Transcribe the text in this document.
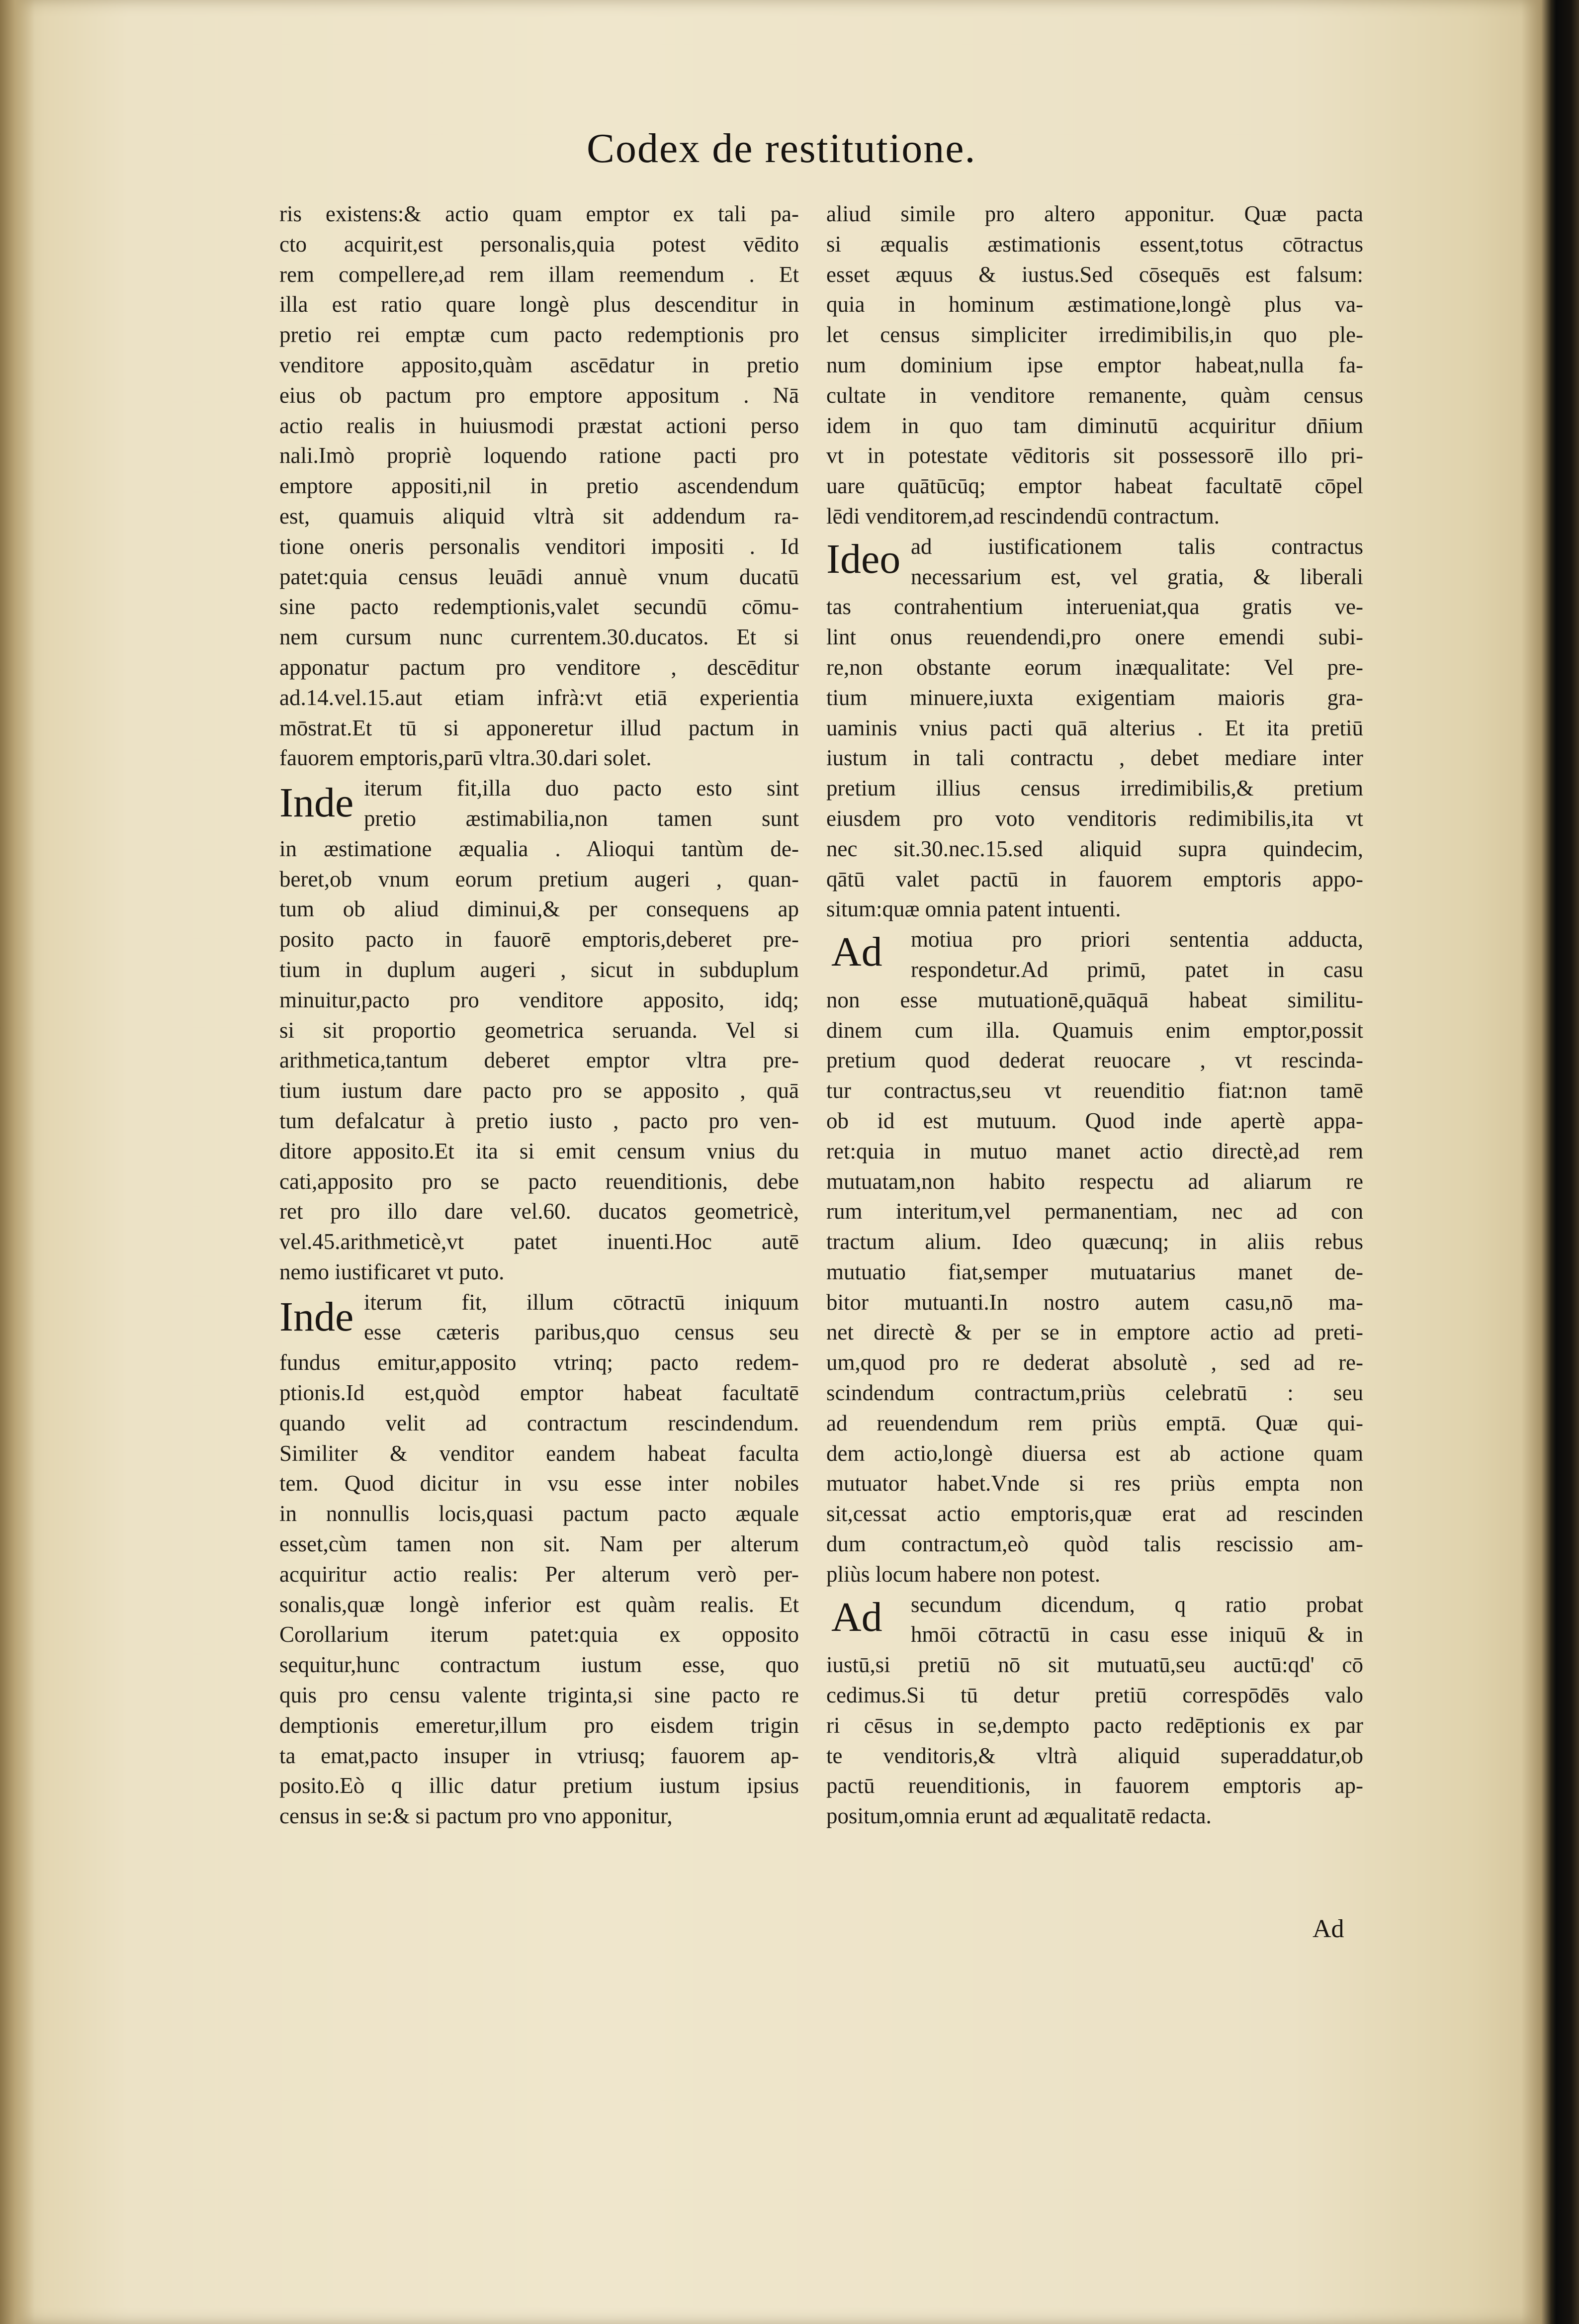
Codex de restitutione.
ris existens:& actio quam emptor ex tali pa-
cto acquirit,est personalis,quia potest vēdito
rem compellere,ad rem illam reemendum . Et
illa est ratio quare longè plus descenditur in
pretio rei emptæ cum pacto redemptionis pro
venditore apposito,quàm ascēdatur in pretio
eius ob pactum pro emptore appositum . Nā
actio realis in huiusmodi præstat actioni perso
nali.Imò propriè loquendo ratione pacti pro
emptore appositi,nil in pretio ascendendum
est, quamuis aliquid vltrà sit addendum ra-
tione oneris personalis venditori impositi . Id
patet:quia census leuādi annuè vnum ducatū
sine pacto redemptionis,valet secundū cōmu-
nem cursum nunc currentem.30.ducatos. Et si
apponatur pactum pro venditore , descēditur
ad.14.vel.15.aut etiam infrà:vt etiā experientia
mōstrat.Et tū si apponeretur illud pactum in
fauorem emptoris,parū vltra.30.dari solet.
Inde iterum fit,illa duo pacto esto sint
pretio æstimabilia,non tamen sunt
in æstimatione æqualia . Alioqui tantùm de-
beret,ob vnum eorum pretium augeri , quan-
tum ob aliud diminui,& per consequens ap
posito pacto in fauorē emptoris,deberet pre-
tium in duplum augeri , sicut in subduplum
minuitur,pacto pro venditore apposito, idq;
si sit proportio geometrica seruanda. Vel si
arithmetica,tantum deberet emptor vltra pre-
tium iustum dare pacto pro se apposito , quā
tum defalcatur à pretio iusto , pacto pro ven-
ditore apposito.Et ita si emit censum vnius du
cati,apposito pro se pacto reuenditionis, debe
ret pro illo dare vel.60. ducatos geometricè,
vel.45.arithmeticè,vt patet inuenti.Hoc autē
nemo iustificaret vt puto.
Inde iterum fit, illum cōtractū iniquum
esse cæteris paribus,quo census seu
fundus emitur,apposito vtrinq; pacto redem-
ptionis.Id est,quòd emptor habeat facultatē
quando velit ad contractum rescindendum.
Similiter & venditor eandem habeat faculta
tem. Quod dicitur in vsu esse inter nobiles
in nonnullis locis,quasi pactum pacto æquale
esset,cùm tamen non sit. Nam per alterum
acquiritur actio realis: Per alterum verò per-
sonalis,quæ longè inferior est quàm realis. Et
Corollarium iterum patet:quia ex opposito
sequitur,hunc contractum iustum esse, quo
quis pro censu valente triginta,si sine pacto re
demptionis emeretur,illum pro eisdem trigin
ta emat,pacto insuper in vtriusq; fauorem ap-
posito.Eò q illic datur pretium iustum ipsius
census in se:& si pactum pro vno apponitur,
aliud simile pro altero apponitur. Quæ pacta
si æqualis æstimationis essent,totus cōtractus
esset æquus & iustus.Sed cōsequēs est falsum:
quia in hominum æstimatione,longè plus va-
let census simpliciter irredimibilis,in quo ple-
num dominium ipse emptor habeat,nulla fa-
cultate in venditore remanente, quàm census
idem in quo tam diminutū acquiritur dn̄ium
vt in potestate vēditoris sit possessorē illo pri-
uare quātūcūq; emptor habeat facultatē cōpel
lēdi venditorem,ad rescindendū contractum.
Ideo ad iustificationem talis contractus
necessarium est, vel gratia, & liberali
tas contrahentium interueniat,qua gratis ve-
lint onus reuendendi,pro onere emendi subi-
re,non obstante eorum inæqualitate: Vel pre-
tium minuere,iuxta exigentiam maioris gra-
uaminis vnius pacti quā alterius . Et ita pretiū
iustum in tali contractu , debet mediare inter
pretium illius census irredimibilis,& pretium
eiusdem pro voto venditoris redimibilis,ita vt
nec sit.30.nec.15.sed aliquid supra quindecim,
qātū valet pactū in fauorem emptoris appo-
situm:quæ omnia patent intuenti.
Ad	motiua pro priori sententia adducta,
respondetur.Ad primū, patet in casu
non esse mutuationē,quāquā habeat similitu-
dinem cum illa. Quamuis enim emptor,possit
pretium quod dederat reuocare , vt rescinda-
tur contractus,seu vt reuenditio fiat:non tamē
ob id est mutuum. Quod inde apertè appa-
ret:quia in mutuo manet actio directè,ad rem
mutuatam,non habito respectu ad aliarum re
rum interitum,vel permanentiam, nec ad con
tractum alium. Ideo quæcunq; in aliis rebus
mutuatio fiat,semper mutuatarius manet de-
bitor mutuanti.In nostro autem casu,nō ma-
net directè & per se in emptore actio ad preti-
um,quod pro re dederat absolutè , sed ad re-
scindendum contractum,priùs celebratū : seu
ad reuendendum rem priùs emptā. Quæ qui-
dem actio,longè diuersa est ab actione quam
mutuator habet.Vnde si res priùs empta non
sit,cessat actio emptoris,quæ erat ad rescinden
dum contractum,eò quòd talis rescissio am-
pliùs locum habere non potest.
Ad	secundum dicendum, q ratio probat
hmōi cōtractū in casu esse iniquū & in
iustū,si pretiū nō sit mutuatū,seu auctū:qd' cō
cedimus.Si tū detur pretiū correspōdēs valo
ri cēsus in se,dempto pacto redēptionis ex par
te venditoris,& vltrà aliquid superaddatur,ob
pactū reuenditionis, in fauorem emptoris ap-
positum,omnia erunt ad æqualitatē redacta.
Ad
